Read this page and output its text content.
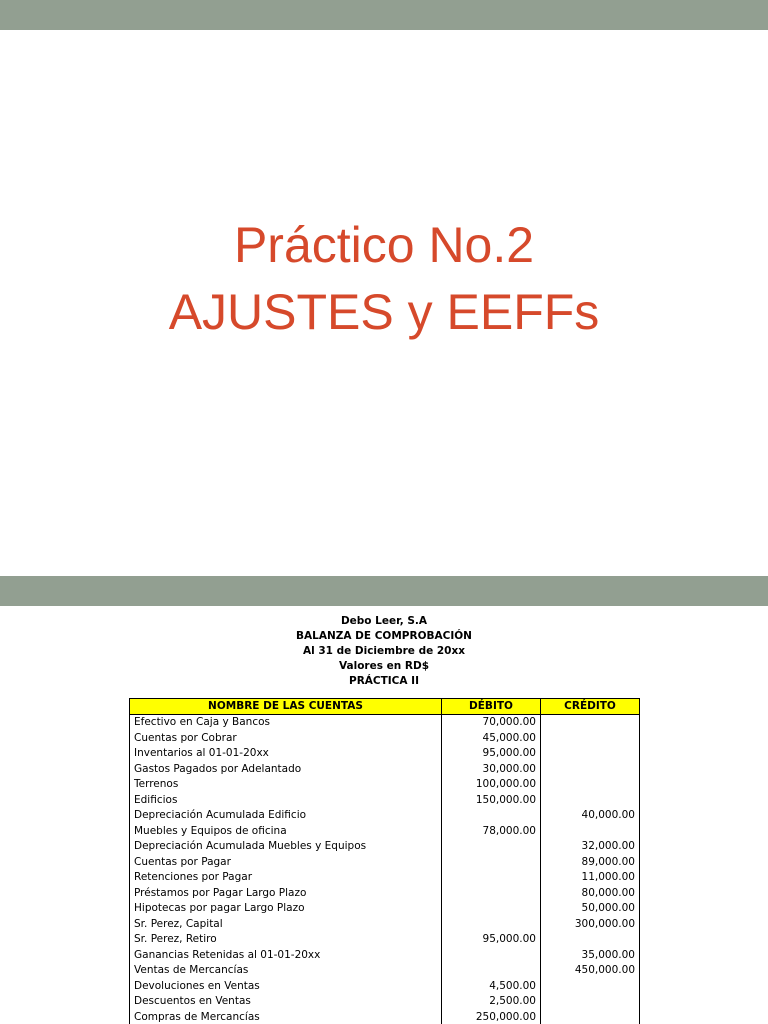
Práctico No.2
AJUSTES y EEFFs
Debo Leer, S.A
BALANZA DE COMPROBACIÓN
Al 31 de Diciembre de 20xx
Valores en RD$
PRÁCTICA II
NOMBRE DE LAS CUENTAS	DÉBITO	CRÉDITO
Efectivo en Caja y Bancos	70,000.00	
Cuentas por Cobrar	45,000.00	
Inventarios al 01-01-20xx	95,000.00	
Gastos Pagados por Adelantado	30,000.00	
Terrenos	100,000.00	
Edificios	150,000.00	
Depreciación Acumulada Edificio		40,000.00
Muebles y Equipos de oficina	78,000.00	
Depreciación Acumulada Muebles y Equipos		32,000.00
Cuentas por Pagar		89,000.00
Retenciones por Pagar		11,000.00
Préstamos por Pagar Largo Plazo		80,000.00
Hipotecas por pagar Largo Plazo		50,000.00
Sr. Perez, Capital		300,000.00
Sr. Perez, Retiro	95,000.00	
Ganancias Retenidas al 01-01-20xx		35,000.00
Ventas de Mercancías		450,000.00
Devoluciones en Ventas	4,500.00	
Descuentos en Ventas	2,500.00	
Compras de Mercancías	250,000.00	
